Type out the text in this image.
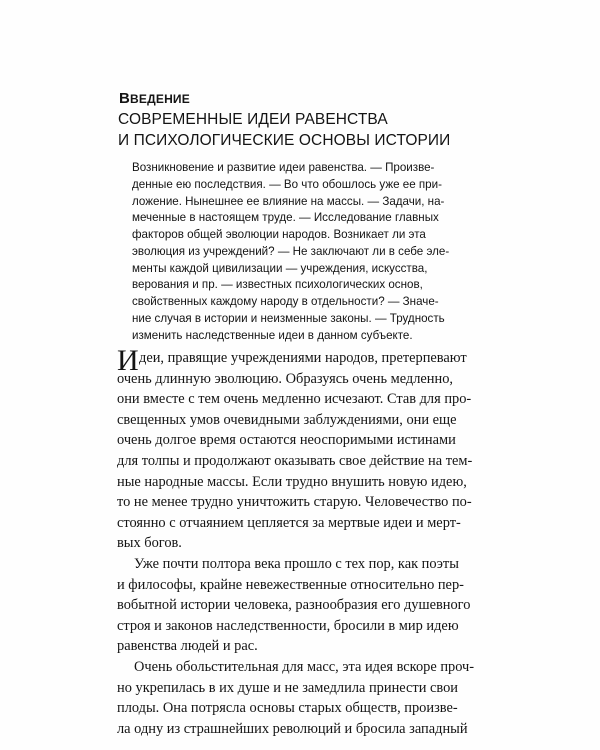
ВВЕДЕНИЕ
СОВРЕМЕННЫЕ ИДЕИ РАВЕНСТВА
И ПСИХОЛОГИЧЕСКИЕ ОСНОВЫ ИСТОРИИ
Возникновение и развитие идеи равенства. — Произве-
денные ею последствия. — Во что обошлось уже ее при-
ложение. Нынешнее ее влияние на массы. — Задачи, на-
меченные в настоящем труде. — Исследование главных
факторов общей эволюции народов. Возникает ли эта
эволюция из учреждений? — Не заключают ли в себе эле-
менты каждой цивилизации — учреждения, искусства,
верования и пр. — известных психологических основ,
свойственных каждому народу в отдельности? — Значе-
ние случая в истории и неизменные законы. — Трудность
изменить наследственные идеи в данном субъекте.
И деи, правящие учреждениями народов, претерпевают
очень длинную эволюцию. Образуясь очень медленно,
они вместе с тем очень медленно исчезают. Став для про-
свещенных умов очевидными заблуждениями, они еще
очень долгое время остаются неоспоримыми истинами
для толпы и продолжают оказывать свое действие на тем-
ные народные массы. Если трудно внушить новую идею,
то не менее трудно уничтожить старую. Человечество по-
стоянно с отчаянием цепляется за мертвые идеи и мерт-
вых богов.
Уже почти полтора века прошло с тех пор, как поэты
и философы, крайне невежественные относительно пер-
вобытной истории человека, разнообразия его душевного
строя и законов наследственности, бросили в мир идею
равенства людей и рас.
Очень обольстительная для масс, эта идея вскоре проч-
но укрепилась в их душе и не замедлила принести свои
плоды. Она потрясла основы старых обществ, произве-
ла одну из страшнейших революций и бросила западный
